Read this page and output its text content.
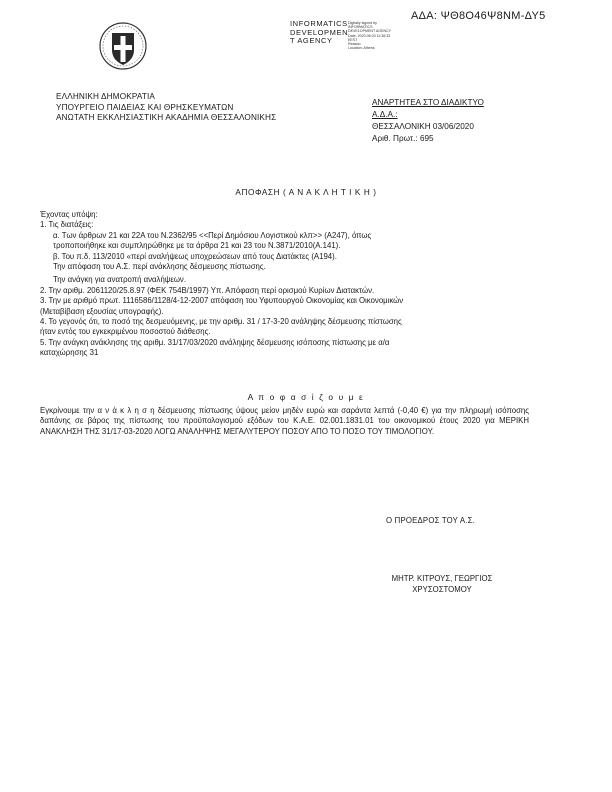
ΑΔΑ: ΨΘ8Ο46Ψ8ΝΜ-ΔΥ5
INFORMATICS
DEVELOPMEN
T AGENCY
Digitally signed by
INFORMATICS
DEVELOPMENT AGENCY
Date: 2020.06.03 11:36:33
EEST
Reason:
Location: Athens
ΕΛΛΗΝΙΚΗ ΔΗΜΟΚΡΑΤΙΑ
ΥΠΟΥΡΓΕΙΟ ΠΑΙΔΕΙΑΣ ΚΑΙ ΘΡΗΣΚΕΥΜΑΤΩΝ
ΑΝΩΤΑΤΗ ΕΚΚΛΗΣΙΑΣΤΙΚΗ ΑΚΑΔΗΜΙΑ ΘΕΣΣΑΛΟΝΙΚΗΣ
ΑΝΑΡΤΗΤΕΑ ΣΤΟ ΔΙΑΔΙΚΤΥΟ
Α.Δ.Α.:
ΘΕΣΣΑΛΟΝΙΚΗ 03/06/2020
Αριθ. Πρωτ.: 695
ΑΠΟΦΑΣΗ ( Α Ν Α Κ Λ Η Τ Ι Κ Η )

Έχοντας υπόψη:

1. Τις διατάξεις:

α. Των άρθρων 21 και 22Α του Ν.2362/95 <<Περί Δημόσιου Λογιστικού κλπ>> (Α247), όπως

τροποποιήθηκε και συμπληρώθηκε με τα άρθρα 21 και 23 του Ν.3871/2010(Α.141).

β. Του π.δ. 113/2010 «περί αναλήψεως υποχρεώσεων από τους Διατάκτες (Α194).

Την απόφαση του Α.Σ. περί ανάκλησης δέσμευσης πίστωσης.

Την ανάγκη για ανατροπή αναλήψεων.

2. Την αριθμ. 2061120/25.8.97 (ΦΕΚ 754Β/1997) Υπ. Απόφαση περί ορισμού Κυρίων Διατακτών.

3. Την με αριθμό πρωτ. 1116586/1128/4-12-2007 απόφαση του Υφυπουργού Οικονομίας και Οικονομικών

(Μεταβίβαση εξουσίας υπογραφής).

4. Το γεγονός ότι, το ποσό της δεσμευόμενης, με την αριθμ. 31 / 17-3-20 ανάληψης δέσμευσης πίστωσης

ήταν εντός του εγκεκριμένου ποσοστού διάθεσης.

5. Την ανάγκη ανάκλησης της αριθμ. 31/17/03/2020 ανάληψης δέσμευσης ισόποσης πίστωσης με α/α

καταχώρησης 31

Α π ο φ α σ ί ζ ο υ μ ε
Εγκρίνουμε την α ν ά κ λ η σ η δέσμευσης πίστωσης ύψους μείον μηδέν ευρώ και σαράντα λεπτά (-0,40 €) για την πληρωμή ισόποσης δαπάνης σε βάρος της πίστωσης του προϋπολογισμού εξόδων του Κ.Α.Ε. 02.001.1831.01 του οικονομικού έτους 2020 για ΜΕΡΙΚΗ ΑΝΑΚΛΗΣΗ ΤΗΣ 31/17-03-2020 ΛΟΓΩ ΑΝΑΛΗΨΗΣ ΜΕΓΑΛΥΤΕΡΟΥ ΠΟΣΟΥ ΑΠΟ ΤΟ ΠΟΣΟ ΤΟΥ ΤΙΜΟΛΟΓΙΟΥ.
Ο ΠΡΟΕΔΡΟΣ ΤΟΥ Α.Σ.
ΜΗΤΡ. ΚΙΤΡΟΥΣ, ΓΕΩΡΓΙΟΣ
ΧΡΥΣΟΣΤΟΜΟΥ
